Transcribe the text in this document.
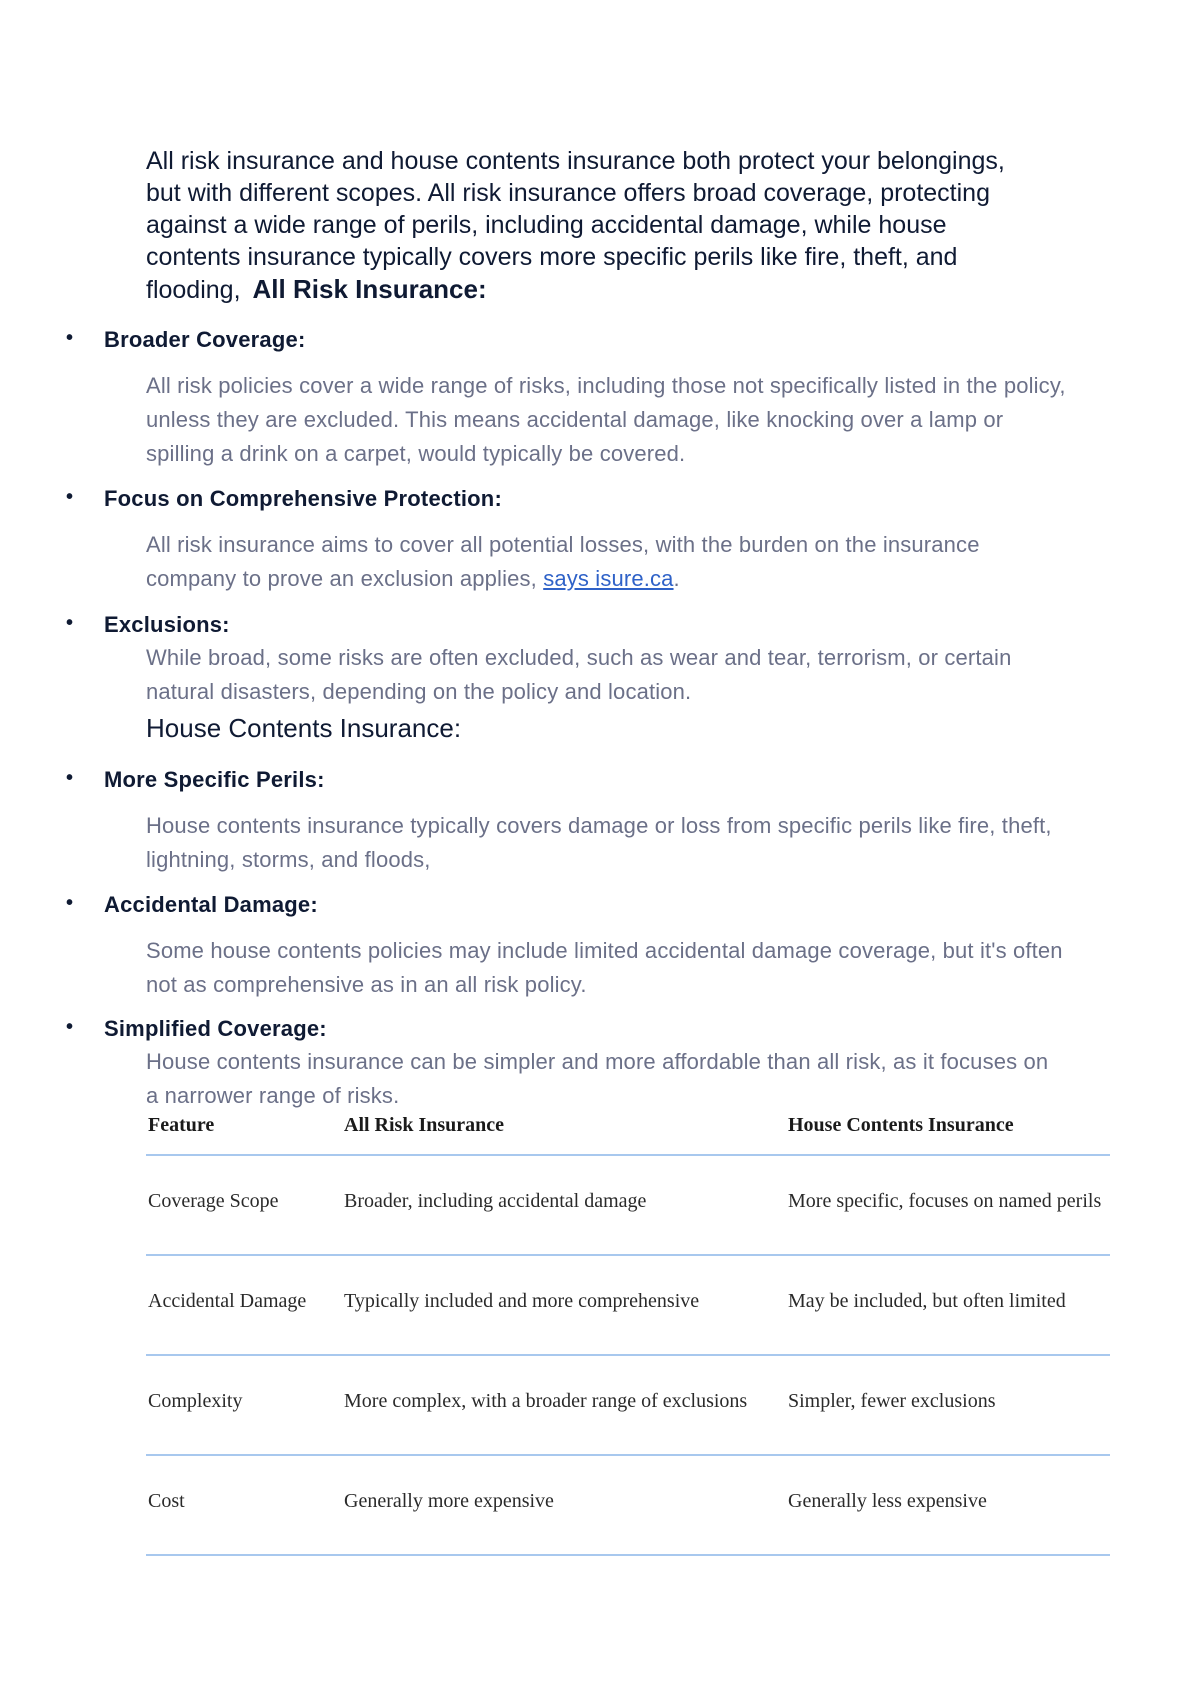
All risk insurance and house contents insurance both protect your belongings, but with different scopes. All risk insurance offers broad coverage, protecting against a wide range of perils, including accidental damage, while house contents insurance typically covers more specific perils like fire, theft, and flooding, All Risk Insurance:
• Broader Coverage:
All risk policies cover a wide range of risks, including those not specifically listed in the policy, unless they are excluded. This means accidental damage, like knocking over a lamp or spilling a drink on a carpet, would typically be covered.
• Focus on Comprehensive Protection:
All risk insurance aims to cover all potential losses, with the burden on the insurance company to prove an exclusion applies, says isure.ca.
• Exclusions:
While broad, some risks are often excluded, such as wear and tear, terrorism, or certain natural disasters, depending on the policy and location.
House Contents Insurance:
• More Specific Perils:
House contents insurance typically covers damage or loss from specific perils like fire, theft, lightning, storms, and floods,
• Accidental Damage:
Some house contents policies may include limited accidental damage coverage, but it's often not as comprehensive as in an all risk policy.
• Simplified Coverage:
House contents insurance can be simpler and more affordable than all risk, as it focuses on a narrower range of risks.
Feature	All Risk Insurance	House Contents Insurance
Coverage Scope	Broader, including accidental damage	More specific, focuses on named perils
Accidental Damage	Typically included and more comprehensive	May be included, but often limited
Complexity	More complex, with a broader range of exclusions	Simpler, fewer exclusions
Cost	Generally more expensive	Generally less expensive
